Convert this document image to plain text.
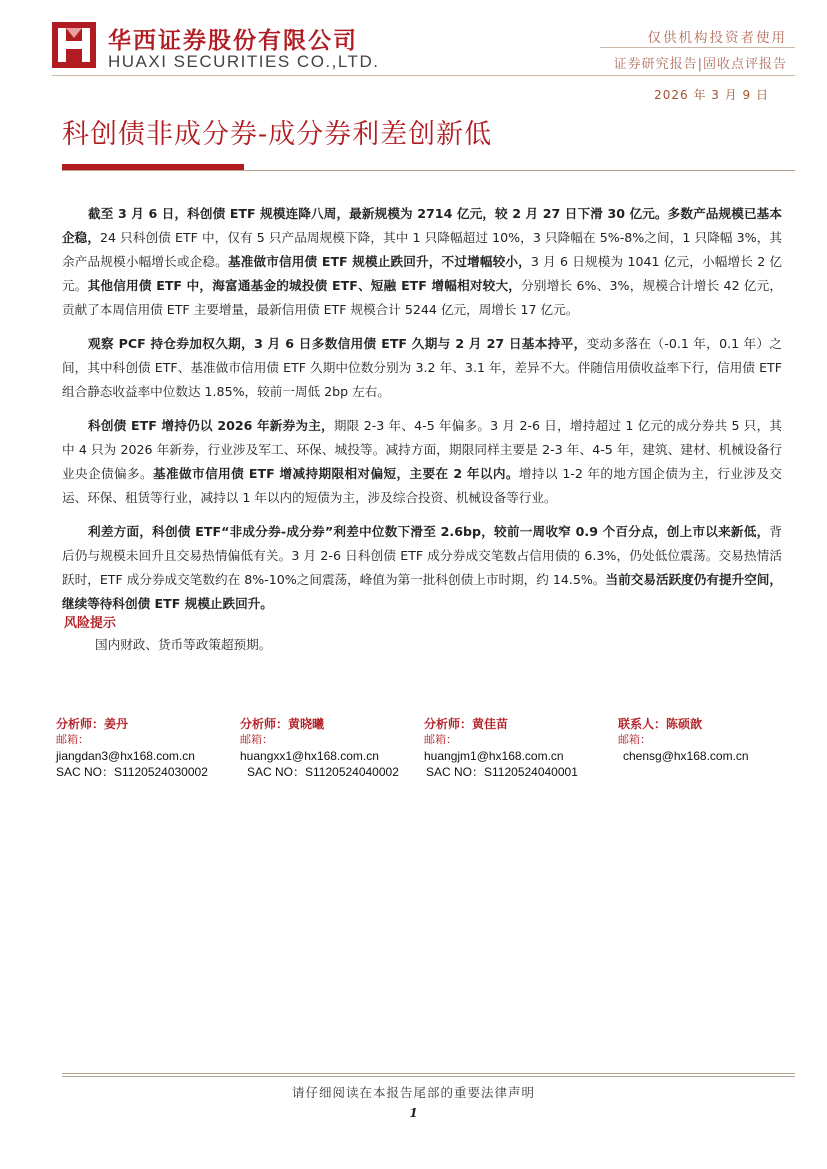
华西证券股份有限公司
HUAXI SECURITIES CO.,LTD.
仅供机构投资者使用
证券研究报告|固收点评报告
2026 年 3 月 9 日
科创债非成分券-成分券利差创新低

截至 3 月 6 日，科创债 ETF 规模连降八周，最新规模为 2714 亿元，较 2 月 27 日下滑 30 亿元。多数产品规模已基本企稳，24 只科创债 ETF 中，仅有 5 只产品周规模下降，其中 1 只降幅超过 10%，3 只降幅在 5%-8%之间，1 只降幅 3%，其余产品规模小幅增长或企稳。基准做市信用债 ETF 规模止跌回升，不过增幅较小，3 月 6 日规模为 1041 亿元，小幅增长 2 亿元。其他信用债 ETF 中，海富通基金的城投债 ETF、短融 ETF 增幅相对较大，分别增长 6%、3%，规模合计增长 42 亿元，贡献了本周信用债 ETF 主要增量，最新信用债 ETF 规模合计 5244 亿元，周增长 17 亿元。

观察 PCF 持仓券加权久期，3 月 6 日多数信用债 ETF 久期与 2 月 27 日基本持平，变动多落在（-0.1 年，0.1 年）之间，其中科创债 ETF、基准做市信用债 ETF 久期中位数分别为 3.2 年、3.1 年，差异不大。伴随信用债收益率下行，信用债 ETF 组合静态收益率中位数达 1.85%，较前一周低 2bp 左右。

科创债 ETF 增持仍以 2026 年新券为主，期限 2-3 年、4-5 年偏多。3 月 2-6 日，增持超过 1 亿元的成分券共 5 只，其中 4 只为 2026 年新券，行业涉及军工、环保、城投等。减持方面，期限同样主要是 2-3 年、4-5 年，建筑、建材、机械设备行业央企债偏多。基准做市信用债 ETF 增减持期限相对偏短，主要在 2 年以内。增持以 1-2 年的地方国企债为主，行业涉及交运、环保、租赁等行业，减持以 1 年以内的短债为主，涉及综合投资、机械设备等行业。

利差方面，科创债 ETF“非成分券-成分券”利差中位数下滑至 2.6bp，较前一周收窄 0.9 个百分点，创上市以来新低，背后仍与规模未回升且交易热情偏低有关。3 月 2-6 日科创债 ETF 成分券成交笔数占信用债的 6.3%，仍处低位震荡。交易热情活跃时，ETF 成分券成交笔数约在 8%-10%之间震荡，峰值为第一批科创债上市时期，约 14.5%。当前交易活跃度仍有提升空间，继续等待科创债 ETF 规模止跌回升。

风险提示
国内财政、货币等政策超预期。
分析师：姜丹
邮箱：
jiangdan3@hx168.com.cn
SAC NO：S1120524030002
分析师：黄晓曦
邮箱：
huangxx1@hx168.com.cn
SAC NO：S1120524040002
分析师：黄佳苗
邮箱：
huangjm1@hx168.com.cn
SAC NO：S1120524040001
联系人：陈硕歆
邮箱：
chensg@hx168.com.cn
请仔细阅读在本报告尾部的重要法律声明
1
